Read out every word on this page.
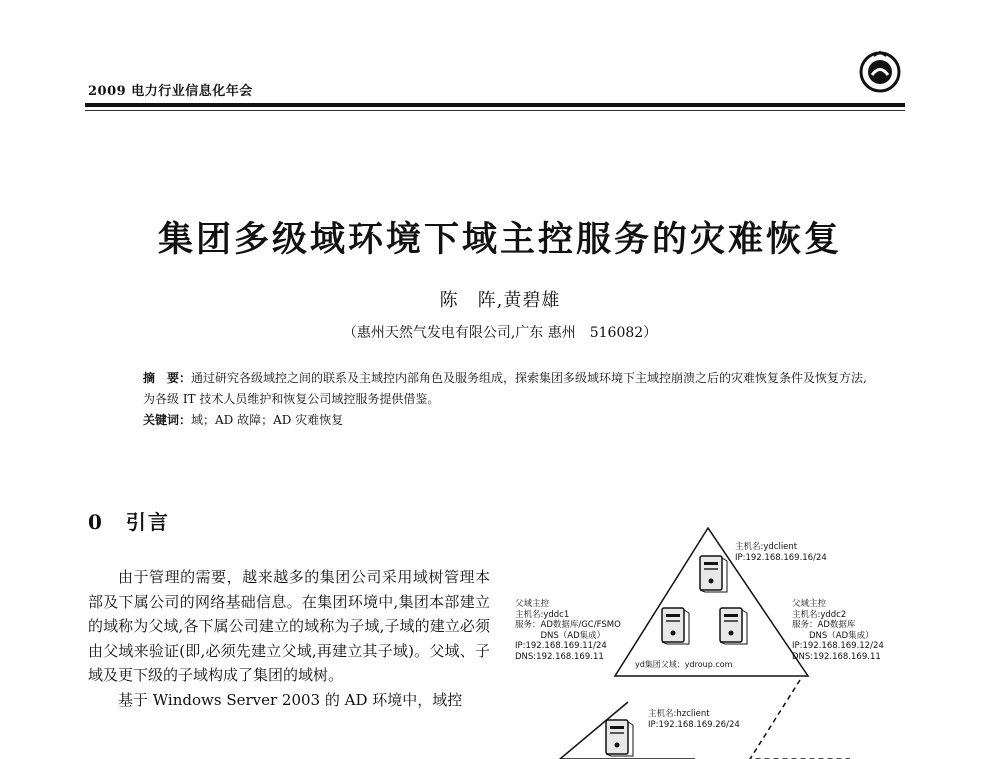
2009 电力行业信息化年会
集团多级域环境下域主控服务的灾难恢复
陈　阵,黄碧雄
（惠州天然气发电有限公司,广东 惠州　516082）
摘　要：通过研究各级域控之间的联系及主域控内部角色及服务组成，探索集团多级域环境下主域控崩溃之后的灾难恢复条件及恢复方法,为各级 IT 技术人员维护和恢复公司域控服务提供借鉴。
关键词：域；AD 故障；AD 灾难恢复
0 引言

由于管理的需要，越来越多的集团公司采用域树管理本部及下属公司的网络基础信息。在集团环境中,集团本部建立的域称为父域,各下属公司建立的域称为子域,子域的建立必须由父域来验证(即,必须先建立父域,再建立其子域)。父域、子域及更下级的子域构成了集团的域树。

基于 Windows Server 2003 的 AD 环境中，域控

主机名:ydclient
IP:192.168.169.16/24
父域主控
主机名:yddc1
服务：AD数据库/GC/FSMO
　　　DNS（AD集成）
IP:192.168.169.11/24
DNS:192.168.169.11
父域主控
主机名:yddc2
服务：AD数据库
　　DNS（AD集成）
IP:192.168.169.12/24
DNS:192.168.169.11
yd集团父域：ydroup.com
主机名:hzclient
IP:192.168.169.26/24
